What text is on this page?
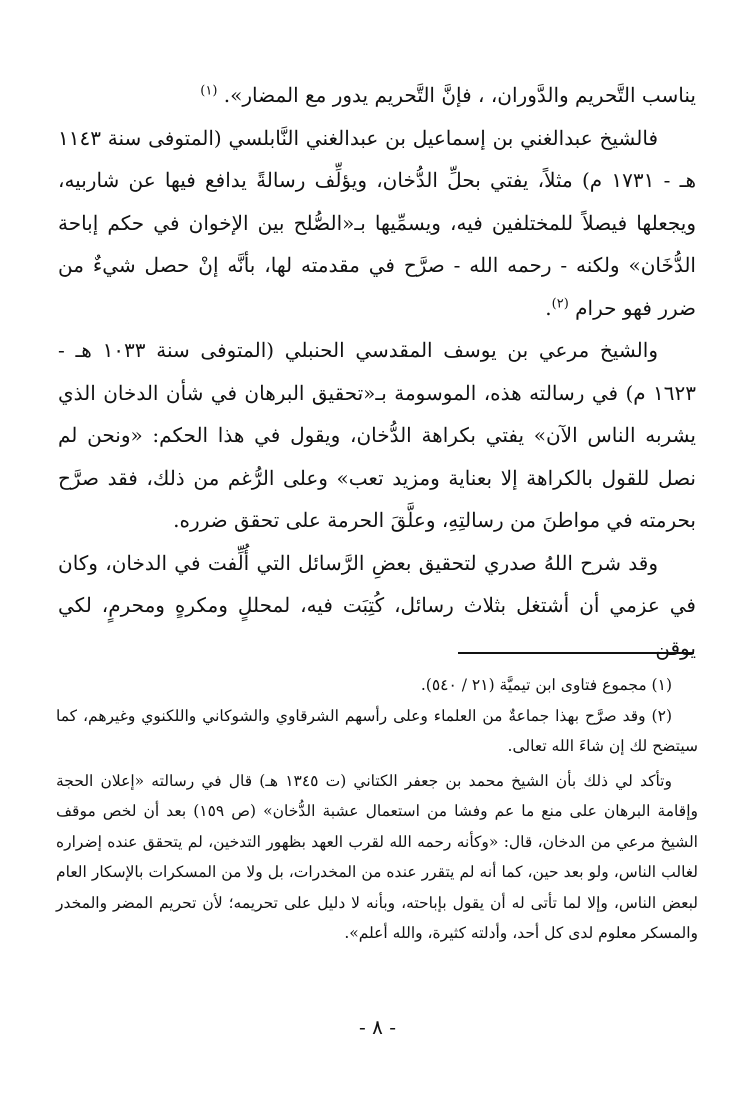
يناسب التَّحريم والدَّوران، ، فإنَّ التَّحريم يدور مع المضار». $^{(١)}$

فالشيخ عبدالغني بن إسماعيل بن عبدالغني النَّابلسي (المتوفى سنة ١١٤٣ هـ - ١٧٣١ م) مثلاً، يفتي بحلِّ الدُّخان، ويؤلِّف رسالةً يدافع فيها عن شاربيه، ويجعلها فيصلاً للمختلفين فيه، ويسمِّيها بـ«الصُّلح بين الإخوان في حكم إباحة الدُّخَان» ولكنه - رحمه الله - صرَّح في مقدمته لها، بأنَّه إنْ حصل شيءٌ من ضرر فهو حرام $^{(٢)}$.

والشيخ مرعي بن يوسف المقدسي الحنبلي (المتوفى سنة ١٠٣٣ هـ - ١٦٢٣ م) في رسالته هذه، الموسومة بـ«تحقيق البرهان في شأن الدخان الذي يشربه الناس الآن» يفتي بكراهة الدُّخان، ويقول في هذا الحكم: «ونحن لم نصل للقول بالكراهة إلا بعناية ومزيد تعب» وعلى الرُّغم من ذلك، فقد صرَّح بحرمته في مواطنَ من رسالتِهِ، وعلَّقَ الحرمة على تحقق ضرره.

وقد شرح اللهُ صدري لتحقيق بعضِ الرَّسائل التي أُلِّفت في الدخان، وكان في عزمي أن أشتغل بثلاث رسائل، كُتِبَت فيه، لمحللٍ ومكرهٍ ومحرمٍ، لكي يوقن

(١) مجموع فتاوى ابن تيميَّة (٢١ / ٥٤٠).

(٢) وقد صرَّح بهذا جماعةٌ من العلماء وعلى رأسهم الشرقاوي والشوكاني واللكنوي وغيرهم، كما سيتضح لك إن شاءَ الله تعالى.

وتأكد لي ذلك بأن الشيخ محمد بن جعفر الكتاني (ت ١٣٤٥ هـ) قال في رسالته «إعلان الحجة وإقامة البرهان على منع ما عم وفشا من استعمال عشبة الدُّخان» (ص ١٥٩) بعد أن لخص موقف الشيخ مرعي من الدخان، قال: «وكأنه رحمه الله لقرب العهد بظهور التدخين، لم يتحقق عنده إضراره لغالب الناس، ولو بعد حين، كما أنه لم يتقرر عنده من المخدرات، بل ولا من المسكرات بالإسكار العام لبعض الناس، وإلا لما تأتى له أن يقول بإباحته، وبأنه لا دليل على تحريمه؛ لأن تحريم المضر والمخدر والمسكر معلوم لدى كل أحد، وأدلته كثيرة، والله أعلم».

- ٨ -
